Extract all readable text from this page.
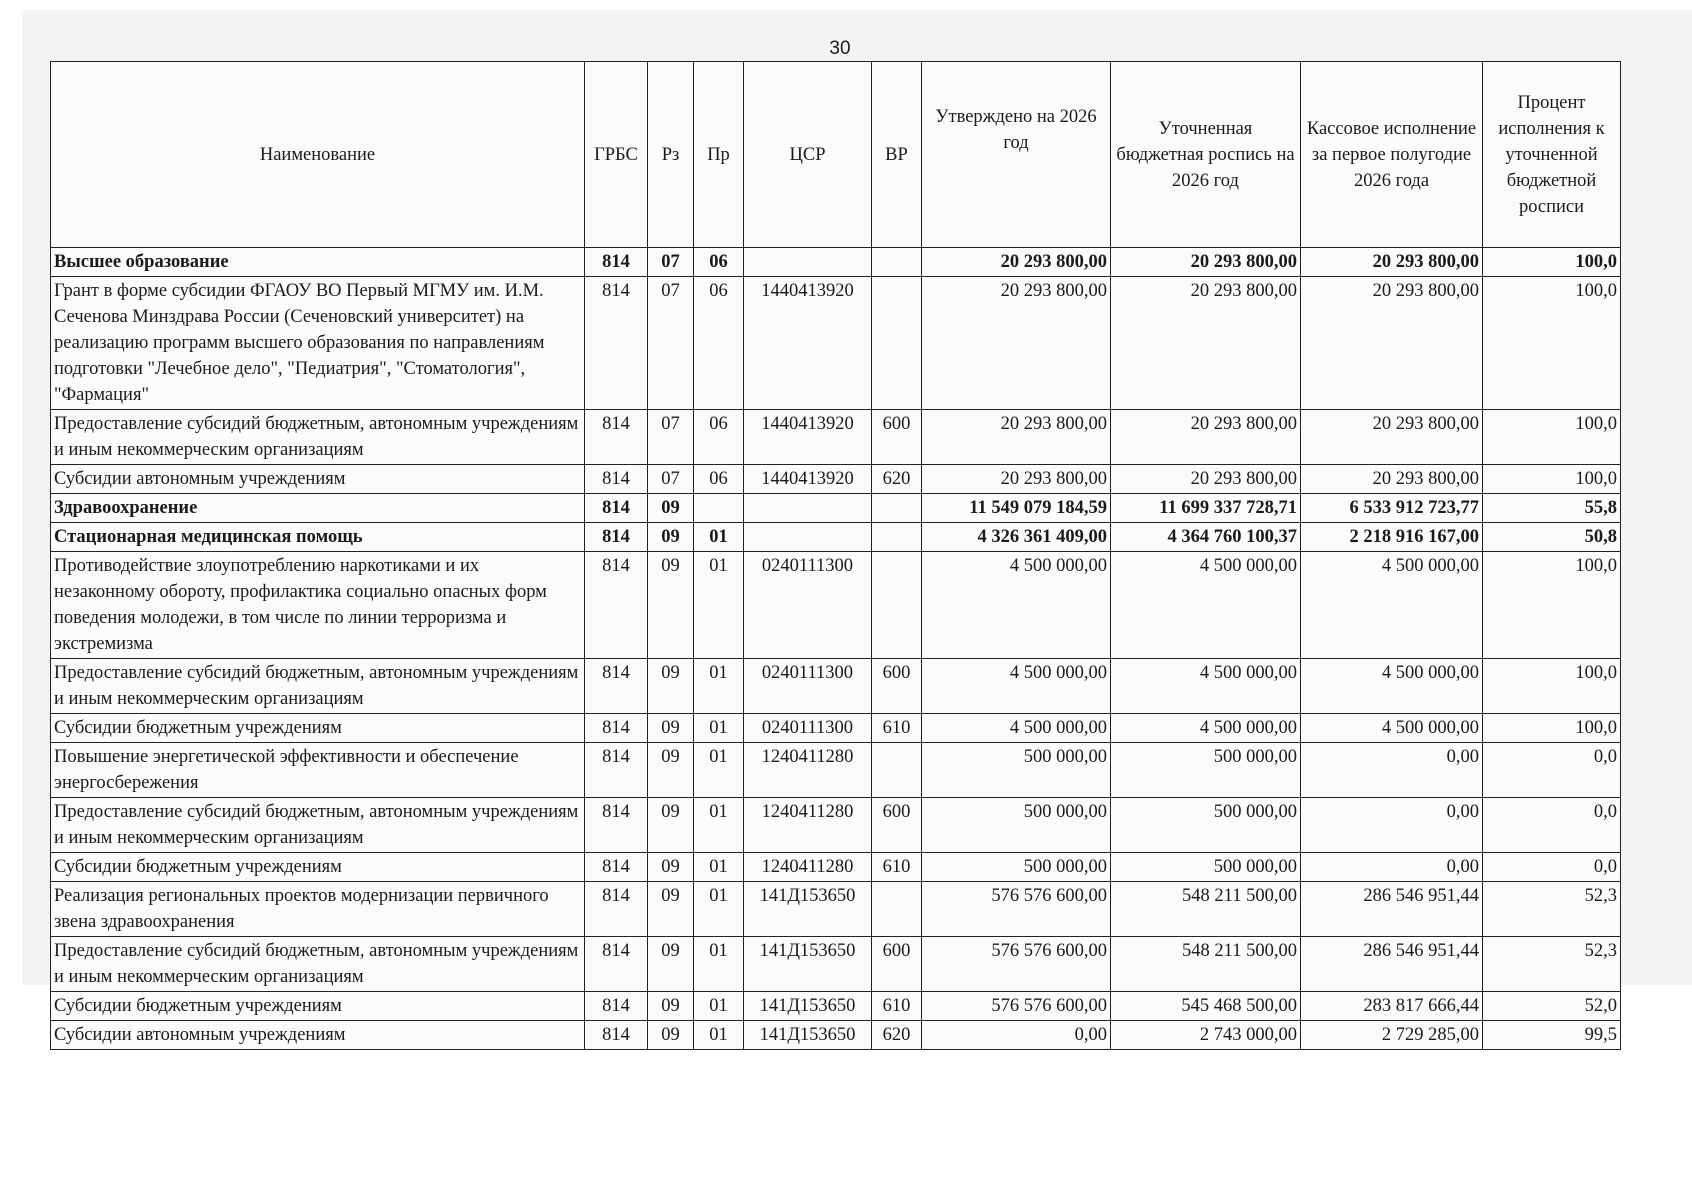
30
Наименование	ГРБС	Рз	Пр	ЦСР	ВР	Утверждено на 2026 год	Уточненная бюджетная роспись на 2026 год	Кассовое исполнение за первое полугодие 2026 года	Процент исполнения к уточненной бюджетной росписи
Высшее образование	814	07	06			20 293 800,00	20 293 800,00	20 293 800,00	100,0
Грант в форме субсидии ФГАОУ ВО Первый МГМУ им. И.М. Сеченова Минздрава России (Сеченовский университет) на реализацию программ высшего образования по направлениям подготовки "Лечебное дело", "Педиатрия", "Стоматология", "Фармация"	814	07	06	1440413920		20 293 800,00	20 293 800,00	20 293 800,00	100,0
Предоставление субсидий бюджетным, автономным учреждениям и иным некоммерческим организациям	814	07	06	1440413920	600	20 293 800,00	20 293 800,00	20 293 800,00	100,0
Субсидии автономным учреждениям	814	07	06	1440413920	620	20 293 800,00	20 293 800,00	20 293 800,00	100,0
Здравоохранение	814	09				11 549 079 184,59	11 699 337 728,71	6 533 912 723,77	55,8
Стационарная медицинская помощь	814	09	01			4 326 361 409,00	4 364 760 100,37	2 218 916 167,00	50,8
Противодействие злоупотреблению наркотиками и их незаконному обороту, профилактика социально опасных форм поведения молодежи, в том числе по линии терроризма и экстремизма	814	09	01	0240111300		4 500 000,00	4 500 000,00	4 500 000,00	100,0
Предоставление субсидий бюджетным, автономным учреждениям и иным некоммерческим организациям	814	09	01	0240111300	600	4 500 000,00	4 500 000,00	4 500 000,00	100,0
Субсидии бюджетным учреждениям	814	09	01	0240111300	610	4 500 000,00	4 500 000,00	4 500 000,00	100,0
Повышение энергетической эффективности и обеспечение энергосбережения	814	09	01	1240411280		500 000,00	500 000,00	0,00	0,0
Предоставление субсидий бюджетным, автономным учреждениям и иным некоммерческим организациям	814	09	01	1240411280	600	500 000,00	500 000,00	0,00	0,0
Субсидии бюджетным учреждениям	814	09	01	1240411280	610	500 000,00	500 000,00	0,00	0,0
Реализация региональных проектов модернизации первичного звена здравоохранения	814	09	01	141Д153650		576 576 600,00	548 211 500,00	286 546 951,44	52,3
Предоставление субсидий бюджетным, автономным учреждениям и иным некоммерческим организациям	814	09	01	141Д153650	600	576 576 600,00	548 211 500,00	286 546 951,44	52,3
Субсидии бюджетным учреждениям	814	09	01	141Д153650	610	576 576 600,00	545 468 500,00	283 817 666,44	52,0
Субсидии автономным учреждениям	814	09	01	141Д153650	620	0,00	2 743 000,00	2 729 285,00	99,5
